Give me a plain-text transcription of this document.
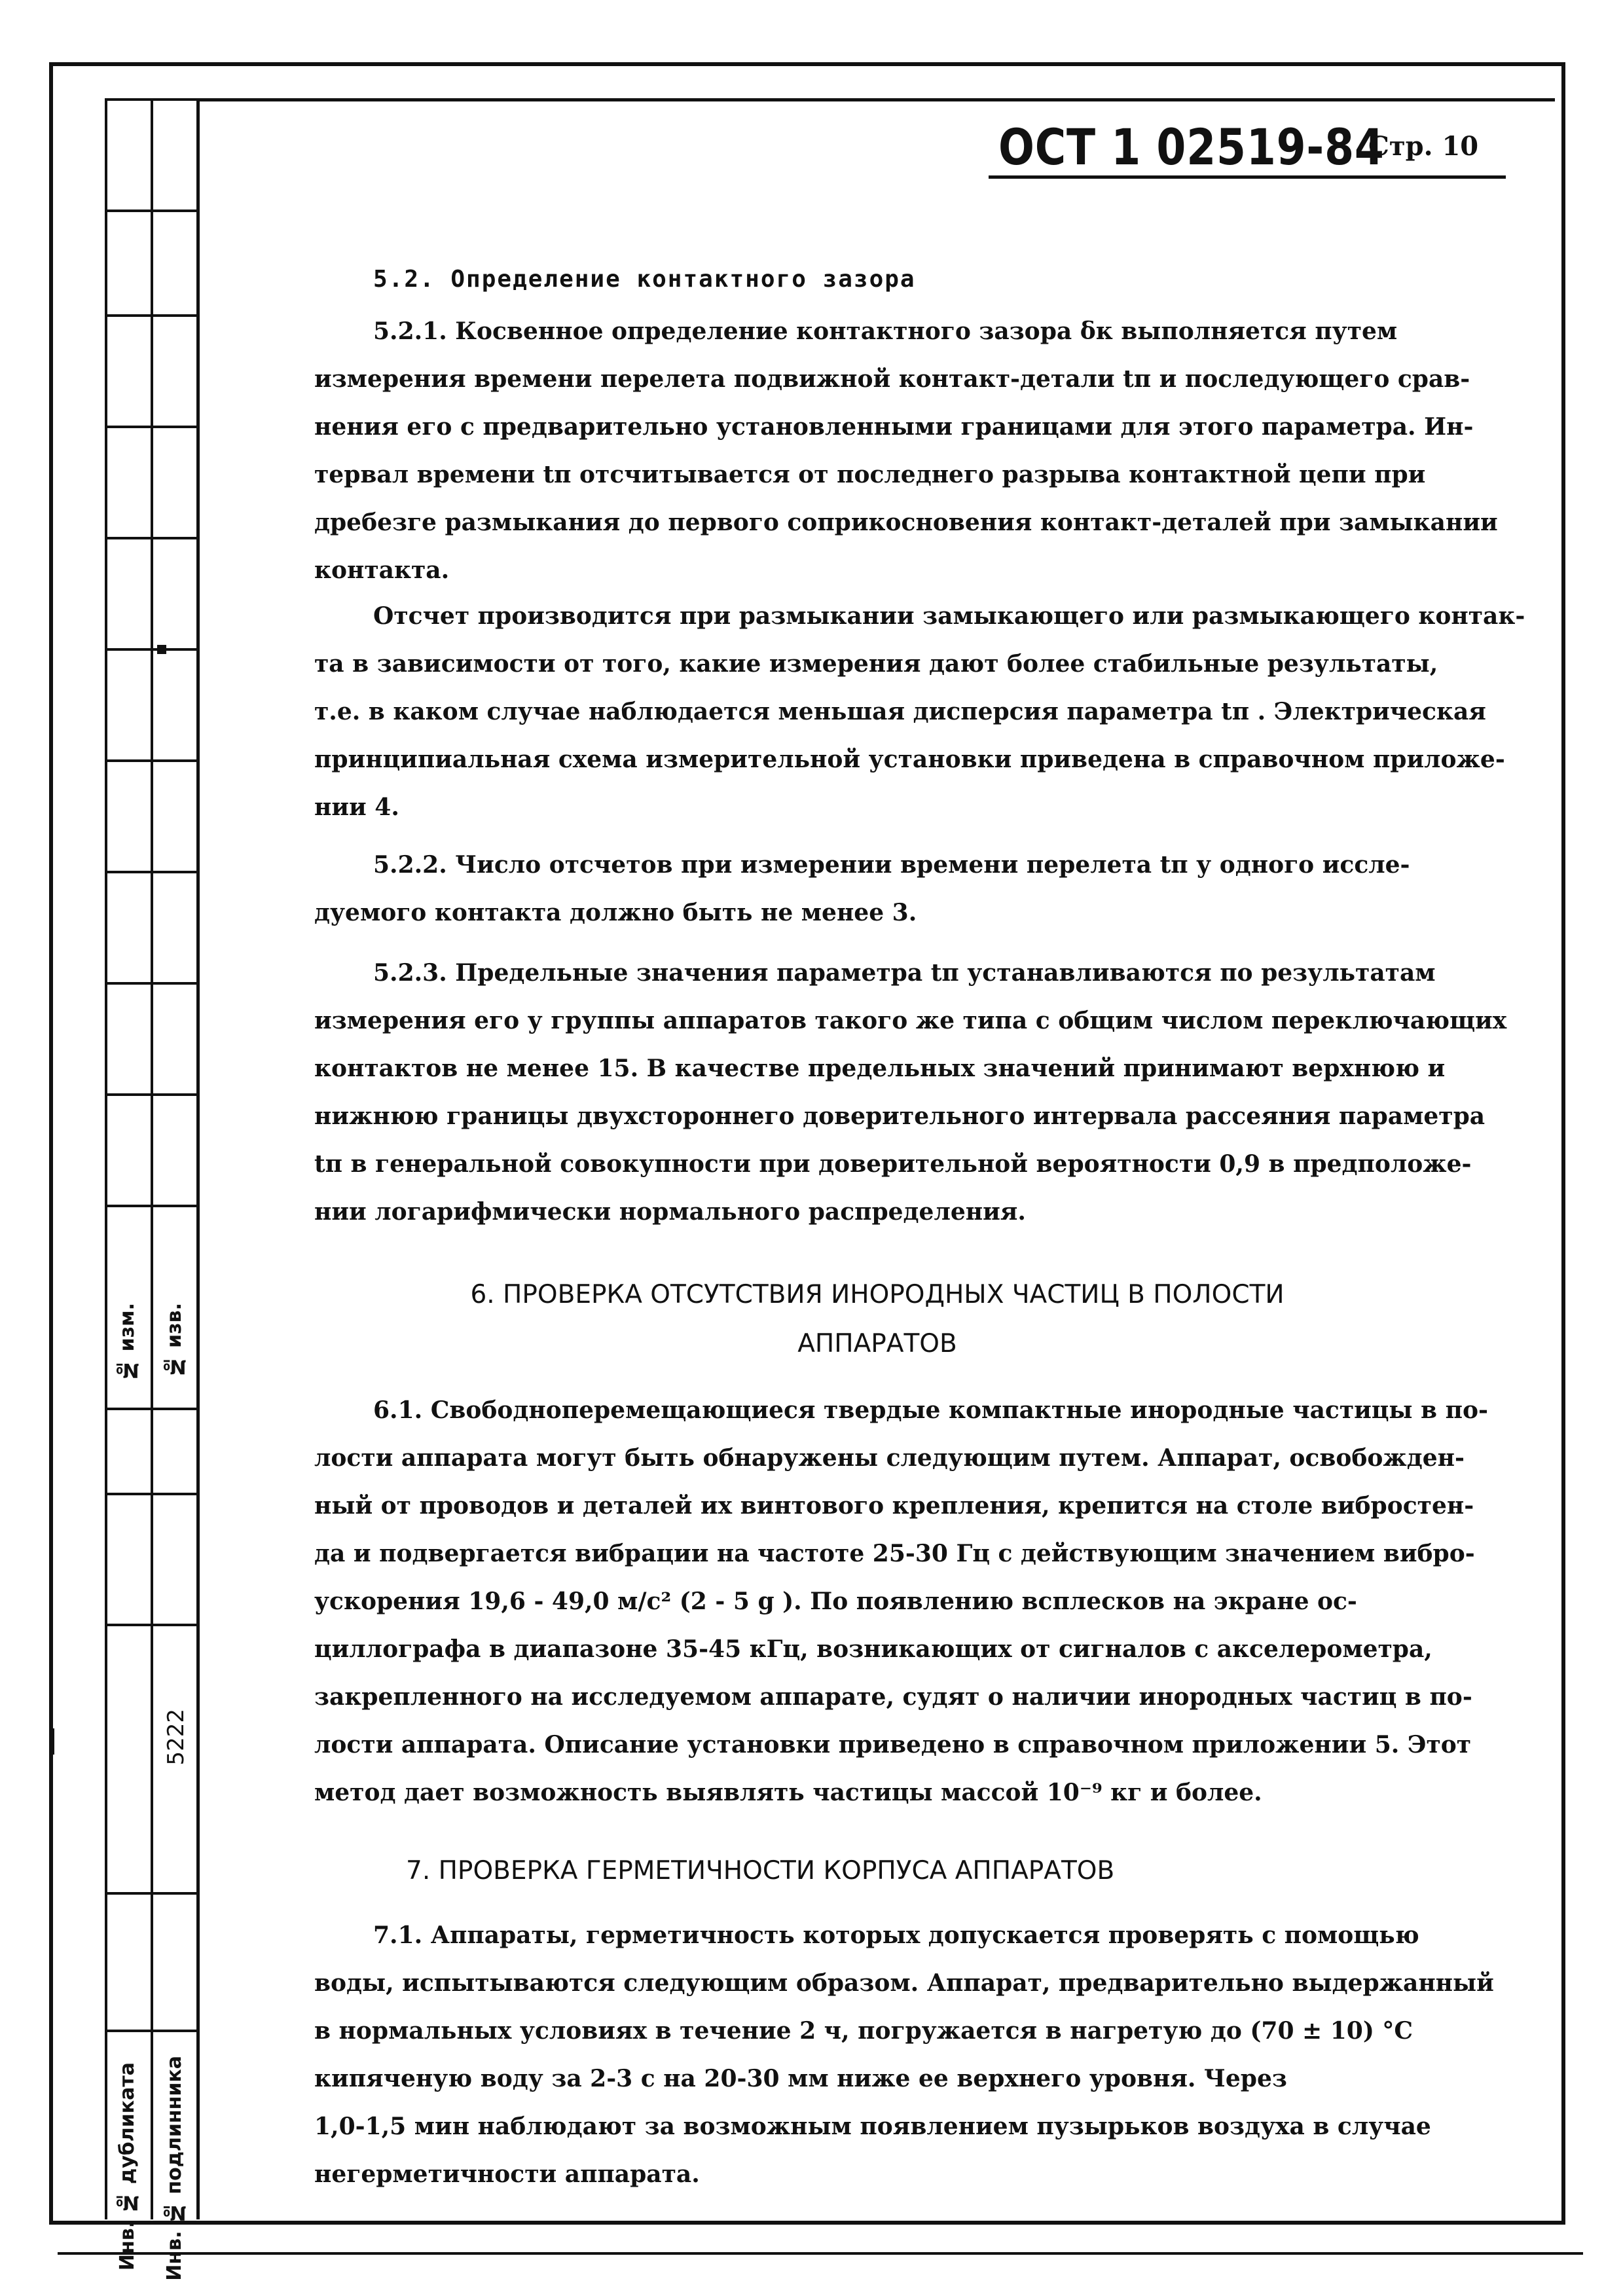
№ изм. № изв.
5222
Инв. № дубликата Инв. № подлинника
ОСТ 1 02519-84
Стр. 10
5.2. Определение контактного зазора
5.2.1. Косвенное определение контактного зазора δк выполняется путем
измерения времени перелета подвижной контакт-детали tп и последующего срав-
нения его с предварительно установленными границами для этого параметра. Ин-
тервал времени tп отсчитывается от последнего разрыва контактной цепи при
дребезге размыкания до первого соприкосновения контакт-деталей при замыкании
контакта.
Отсчет производится при размыкании замыкающего или размыкающего контак-
та в зависимости от того, какие измерения дают более стабильные результаты,
т.е. в каком случае наблюдается меньшая дисперсия параметра tп . Электрическая
принципиальная схема измерительной установки приведена в справочном приложе-
нии 4.
5.2.2. Число отсчетов при измерении времени перелета tп у одного иссле-
дуемого контакта должно быть не менее 3.
5.2.3. Предельные значения параметра tп устанавливаются по результатам
измерения его у группы аппаратов такого же типа с общим числом переключающих
контактов не менее 15. В качестве предельных значений принимают верхнюю и
нижнюю границы двухстороннего доверительного интервала рассеяния параметра
tп в генеральной совокупности при доверительной вероятности 0,9 в предположе-
нии логарифмически нормального распределения.
6. ПРОВЕРКА ОТСУТСТВИЯ ИНОРОДНЫХ ЧАСТИЦ В ПОЛОСТИ
АППАРАТОВ
6.1. Свободноперемещающиеся твердые компактные инородные частицы в по-
лости аппарата могут быть обнаружены следующим путем. Аппарат, освобожден-
ный от проводов и деталей их винтового крепления, крепится на столе вибростен-
да и подвергается вибрации на частоте 25-30 Гц с действующим значением вибро-
ускорения 19,6 - 49,0 м/с² (2 - 5 g ). По появлению всплесков на экране ос-
циллографа в диапазоне 35-45 кГц, возникающих от сигналов с акселерометра,
закрепленного на исследуемом аппарате, судят о наличии инородных частиц в по-
лости аппарата. Описание установки приведено в справочном приложении 5. Этот
метод дает возможность выявлять частицы массой 10⁻⁹ кг и более.
7. ПРОВЕРКА ГЕРМЕТИЧНОСТИ КОРПУСА АППАРАТОВ
7.1. Аппараты, герметичность которых допускается проверять с помощью
воды, испытываются следующим образом. Аппарат, предварительно выдержанный
в нормальных условиях в течение 2 ч, погружается в нагретую до (70 ± 10) °С
кипяченую воду за 2-3 с на 20-30 мм ниже ее верхнего уровня. Через
1,0-1,5 мин наблюдают за возможным появлением пузырьков воздуха в случае
негерметичности аппарата.
